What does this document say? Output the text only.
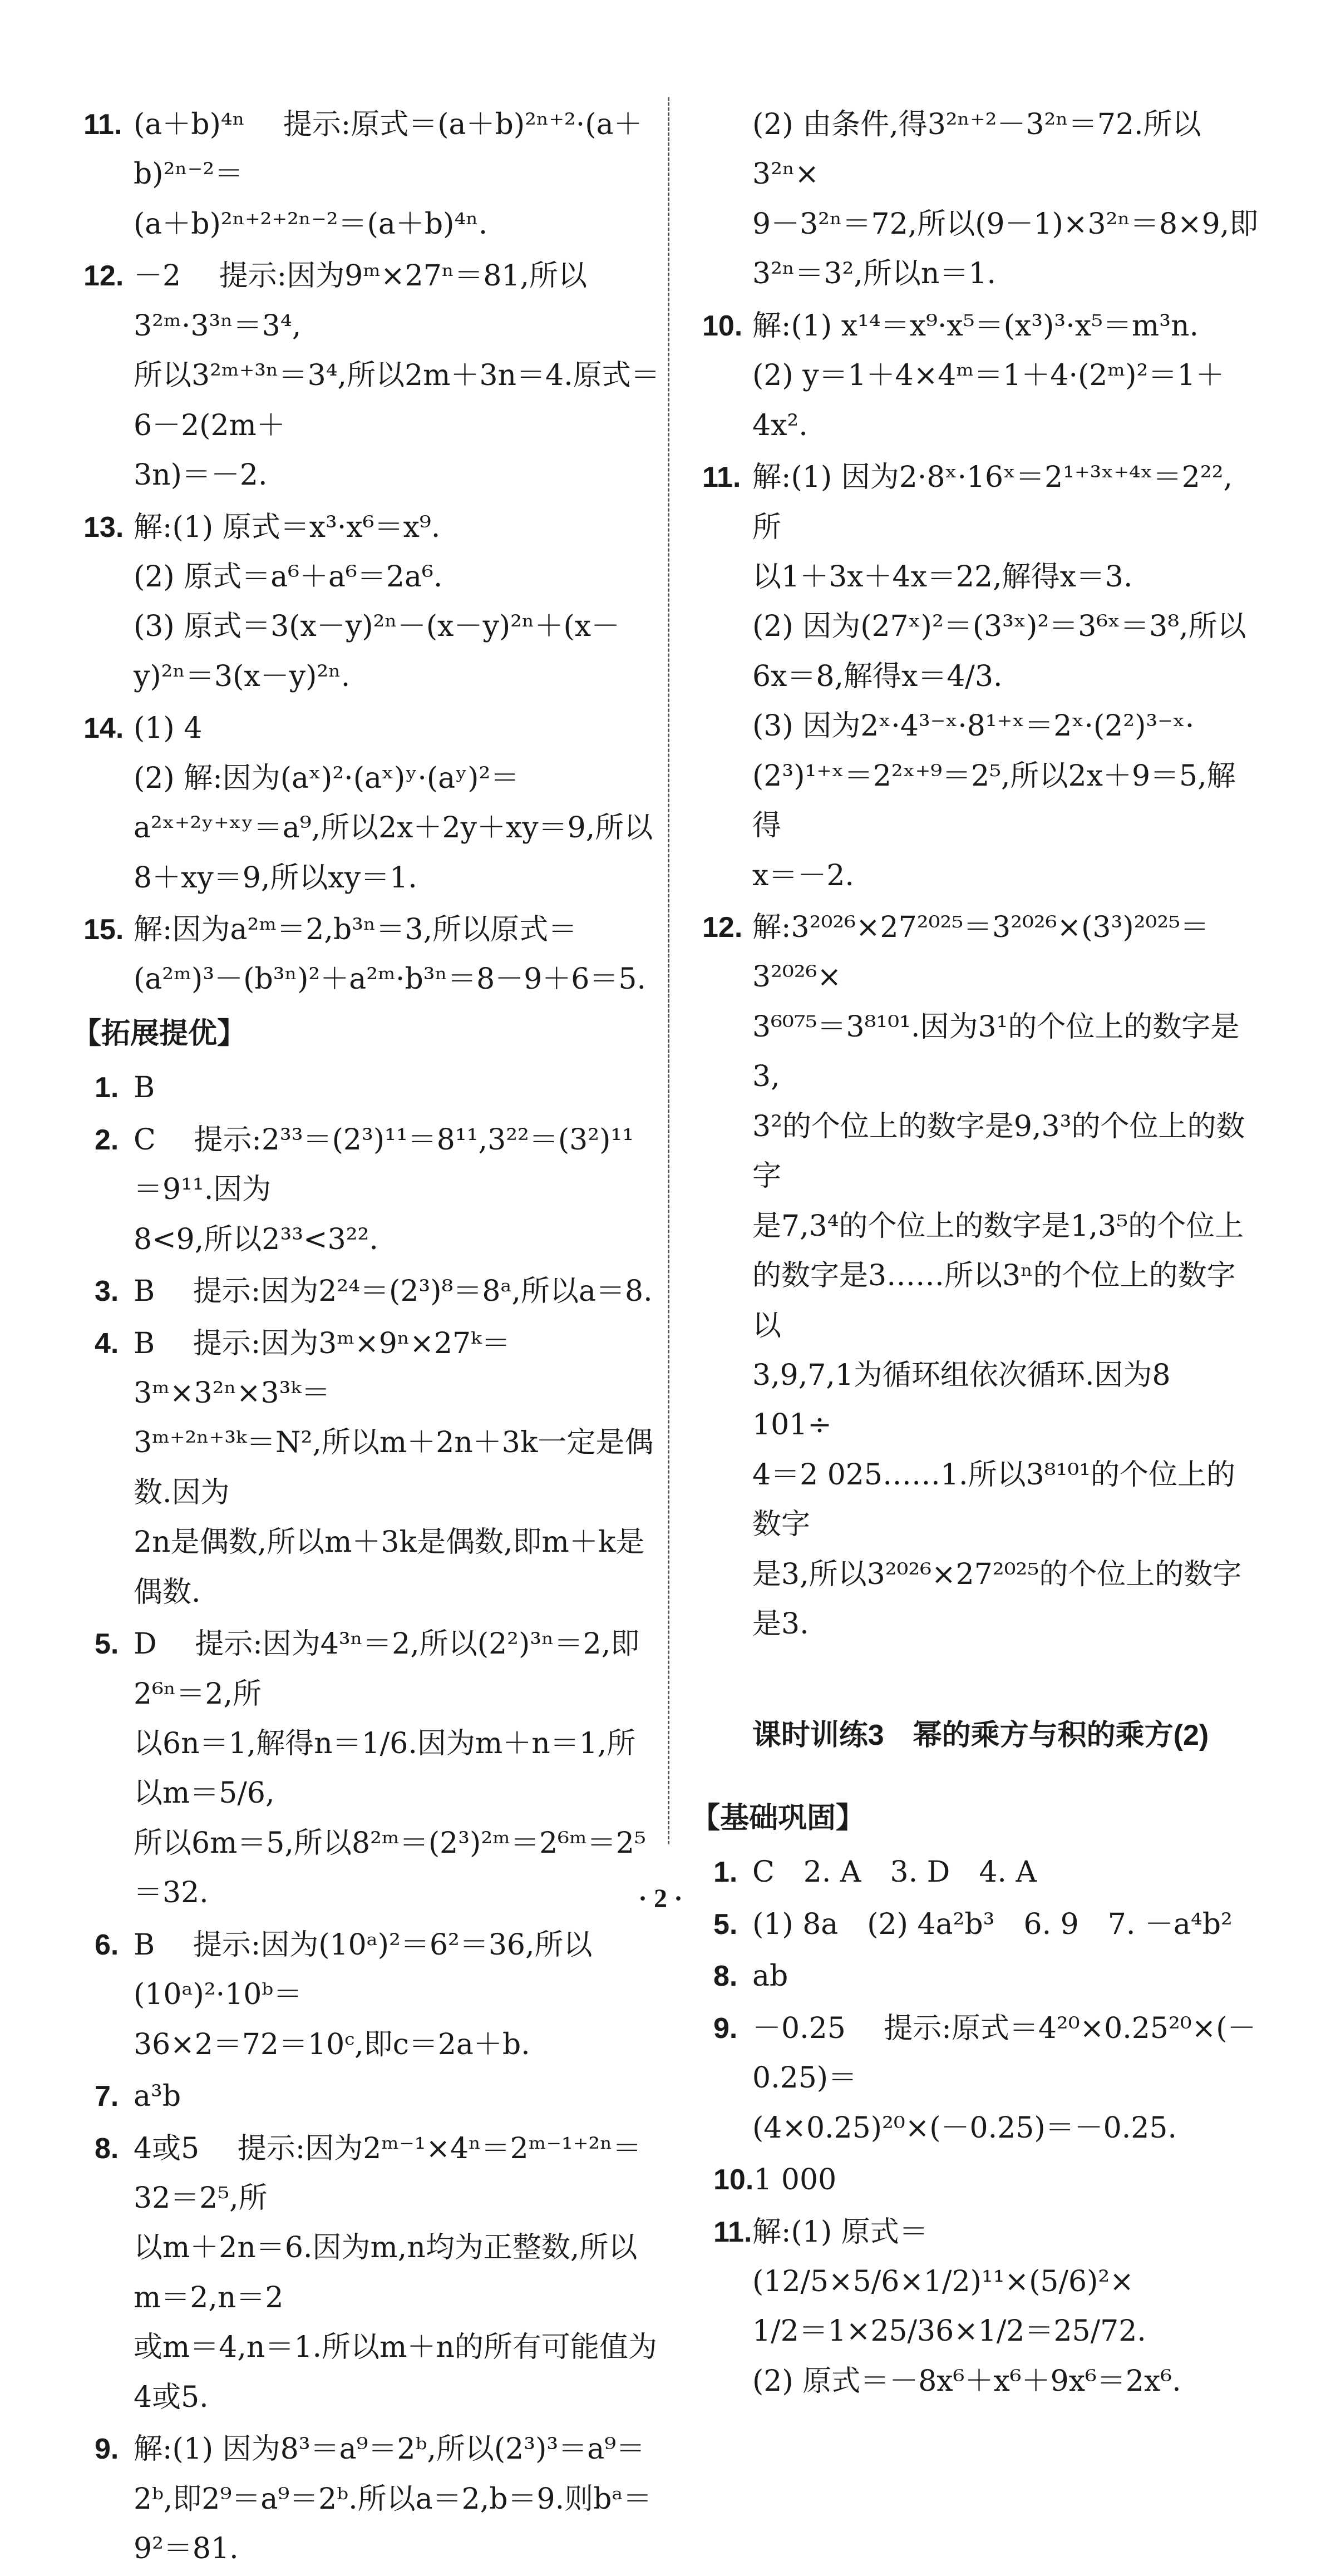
11. (a＋b)⁴ⁿ　 提示:原式＝(a＋b)²ⁿ⁺²·(a＋b)²ⁿ⁻²＝
(a＋b)²ⁿ⁺²⁺²ⁿ⁻²＝(a＋b)⁴ⁿ.
12. －2　 提示:因为9ᵐ×27ⁿ＝81,所以3²ᵐ·3³ⁿ＝3⁴,
所以3²ᵐ⁺³ⁿ＝3⁴,所以2m＋3n＝4.原式＝6－2(2m＋
3n)＝－2.
13. 解:(1) 原式＝x³·x⁶＝x⁹.
(2) 原式＝a⁶＋a⁶＝2a⁶.
(3) 原式＝3(x－y)²ⁿ－(x－y)²ⁿ＋(x－
y)²ⁿ＝3(x－y)²ⁿ.
14. (1) 4
(2) 解:因为(aˣ)²·(aˣ)ʸ·(aʸ)²＝
a²ˣ⁺²ʸ⁺ˣʸ＝a⁹,所以2x＋2y＋xy＝9,所以
8＋xy＝9,所以xy＝1.
15. 解:因为a²ᵐ＝2,b³ⁿ＝3,所以原式＝
(a²ᵐ)³－(b³ⁿ)²＋a²ᵐ·b³ⁿ＝8－9＋6＝5.
【拓展提优】
1. B
2. C　 提示:2³³＝(2³)¹¹＝8¹¹,3²²＝(3²)¹¹＝9¹¹.因为
8<9,所以2³³<3²².
3. B　 提示:因为2²⁴＝(2³)⁸＝8ᵃ,所以a＝8.
4. B　 提示:因为3ᵐ×9ⁿ×27ᵏ＝3ᵐ×3²ⁿ×3³ᵏ＝
3ᵐ⁺²ⁿ⁺³ᵏ＝N²,所以m＋2n＋3k一定是偶数.因为
2n是偶数,所以m＋3k是偶数,即m＋k是偶数.
5. D　 提示:因为4³ⁿ＝2,所以(2²)³ⁿ＝2,即2⁶ⁿ＝2,所
以6n＝1,解得n＝1/6.因为m＋n＝1,所以m＝5/6,
所以6m＝5,所以8²ᵐ＝(2³)²ᵐ＝2⁶ᵐ＝2⁵＝32.
6. B　 提示:因为(10ᵃ)²＝6²＝36,所以(10ᵃ)²·10ᵇ＝
36×2＝72＝10ᶜ,即c＝2a＋b.
7. a³b
8. 4或5　 提示:因为2ᵐ⁻¹×4ⁿ＝2ᵐ⁻¹⁺²ⁿ＝32＝2⁵,所
以m＋2n＝6.因为m,n均为正整数,所以m＝2,n＝2
或m＝4,n＝1.所以m＋n的所有可能值为4或5.
9. 解:(1) 因为8³＝a⁹＝2ᵇ,所以(2³)³＝a⁹＝
2ᵇ,即2⁹＝a⁹＝2ᵇ.所以a＝2,b＝9.则bᵃ＝
9²＝81.
(2) 由条件,得3²ⁿ⁺²－3²ⁿ＝72.所以3²ⁿ×
9－3²ⁿ＝72,所以(9－1)×3²ⁿ＝8×9,即
3²ⁿ＝3²,所以n＝1.
10. 解:(1) x¹⁴＝x⁹·x⁵＝(x³)³·x⁵＝m³n.
(2) y＝1＋4×4ᵐ＝1＋4·(2ᵐ)²＝1＋4x².
11. 解:(1) 因为2·8ˣ·16ˣ＝2¹⁺³ˣ⁺⁴ˣ＝2²²,所
以1＋3x＋4x＝22,解得x＝3.
(2) 因为(27ˣ)²＝(3³ˣ)²＝3⁶ˣ＝3⁸,所以
6x＝8,解得x＝4/3.
(3) 因为2ˣ·4³⁻ˣ·8¹⁺ˣ＝2ˣ·(2²)³⁻ˣ·
(2³)¹⁺ˣ＝2²ˣ⁺⁹＝2⁵,所以2x＋9＝5,解得
x＝－2.
12. 解:3²⁰²⁶×27²⁰²⁵＝3²⁰²⁶×(3³)²⁰²⁵＝3²⁰²⁶×
3⁶⁰⁷⁵＝3⁸¹⁰¹.因为3¹的个位上的数字是3,
3²的个位上的数字是9,3³的个位上的数字
是7,3⁴的个位上的数字是1,3⁵的个位上
的数字是3……所以3ⁿ的个位上的数字以
3,9,7,1为循环组依次循环.因为8 101÷
4＝2 025……1.所以3⁸¹⁰¹的个位上的数字
是3,所以3²⁰²⁶×27²⁰²⁵的个位上的数字
是3.
课时训练3　幂的乘方与积的乘方(2)
【基础巩固】
1. C　2. A　3. D　4. A
5. (1) 8a　(2) 4a²b³　6. 9　7. －a⁴b²
8. ab
9. －0.25　 提示:原式＝4²⁰×0.25²⁰×(－0.25)＝
(4×0.25)²⁰×(－0.25)＝－0.25.
10. 1 000
11. 解:(1) 原式＝(12/5×5/6×1/2)¹¹×(5/6)²×
1/2＝1×25/36×1/2＝25/72.
(2) 原式＝－8x⁶＋x⁶＋9x⁶＝2x⁶.
· 2 ·
